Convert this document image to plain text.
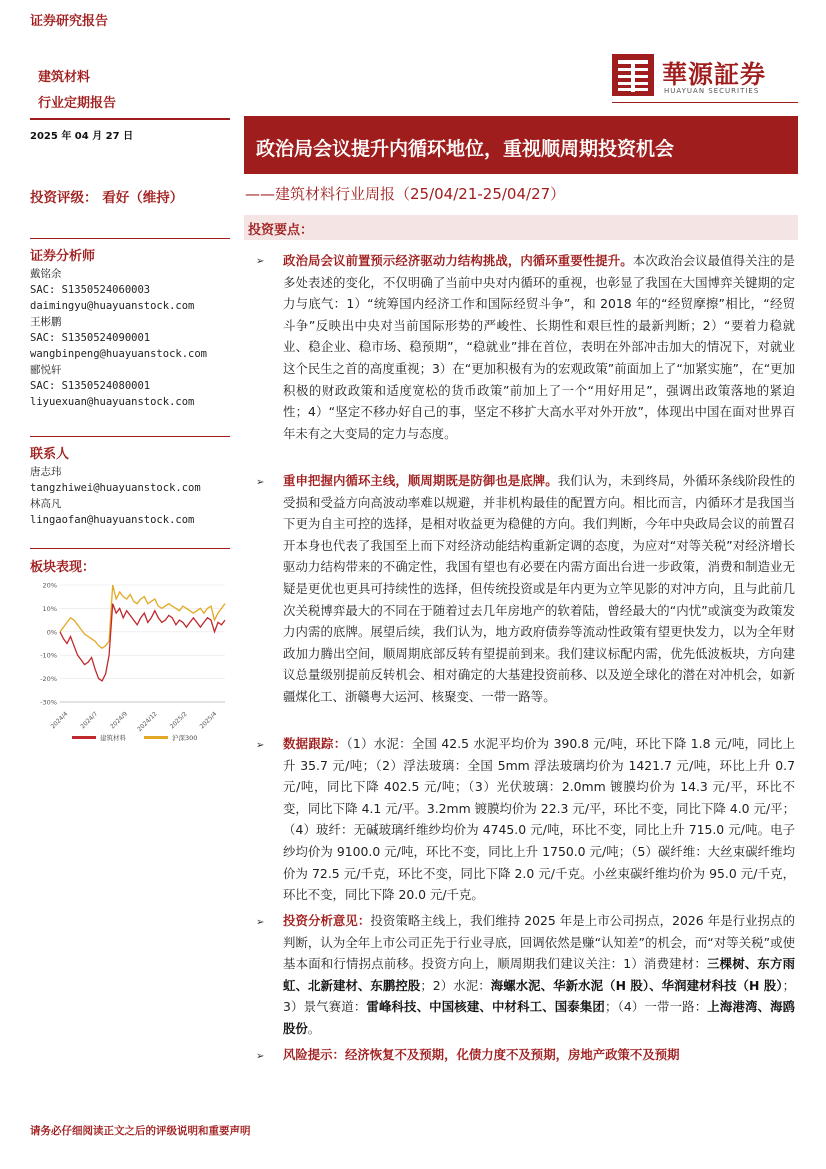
证券研究报告
建筑材料
行业定期报告
2025 年 04 月 27 日
華源証券
HUAYUAN SECURITIES
政治局会议提升内循环地位，重视顺周期投资机会
投资评级： 看好（维持）	——建筑材料行业周报（25/04/21-25/04/27）
投资要点：
证券分析师
戴铭余
SAC: S1350524060003
daimingyu@huayuanstock.com
王彬鹏
SAC: S1350524090001
wangbinpeng@huayuanstock.com
郦悦轩
SAC: S1350524080001
liyuexuan@huayuanstock.com
联系人
唐志玮
tangzhiwei@huayuanstock.com
林高凡
lingaofan@huayuanstock.com
板块表现：
20%
10%
0%
-10%
-20%
-30%
2024/4 2024/7 2024/9 2024/12 2025/2 2025/4
建筑材料	沪深300
➢ 政治局会议前置预示经济驱动力结构挑战，内循环重要性提升。本次政治会议最值得关注的是多处表述的变化，不仅明确了当前中央对内循环的重视，也彰显了我国在大国博弈关键期的定力与底气：1）“统筹国内经济工作和国际经贸斗争”，和 2018 年的“经贸摩擦”相比，“经贸斗争”反映出中央对当前国际形势的严峻性、长期性和艰巨性的最新判断；2）“要着力稳就业、稳企业、稳市场、稳预期”，“稳就业”排在首位，表明在外部冲击加大的情况下，对就业这个民生之首的高度重视；3）在“更加积极有为的宏观政策”前面加上了“加紧实施”，在“更加积极的财政政策和适度宽松的货币政策”前加上了一个“用好用足”，强调出政策落地的紧迫性；4）“坚定不移办好自己的事，坚定不移扩大高水平对外开放”，体现出中国在面对世界百年未有之大变局的定力与态度。
➢ 重申把握内循环主线，顺周期既是防御也是底牌。我们认为，未到终局，外循环条线阶段性的受损和受益方向高波动率难以规避，并非机构最佳的配置方向。相比而言，内循环才是我国当下更为自主可控的选择，是相对收益更为稳健的方向。我们判断，今年中央政局会议的前置召开本身也代表了我国至上而下对经济动能结构重新定调的态度，为应对“对等关税”对经济增长驱动力结构带来的不确定性，我国有望也有必要在内需方面出台进一步政策，消费和制造业无疑是更优也更具可持续性的选择，但传统投资或是年内更为立竿见影的对冲方向，且与此前几次关税博弈最大的不同在于随着过去几年房地产的软着陆，曾经最大的“内忧”或演变为政策发力内需的底牌。展望后续，我们认为，地方政府债券等流动性政策有望更快发力，以为全年财政加力腾出空间，顺周期底部反转有望提前到来。我们建议标配内需，优先低波板块，方向建议总量级别提前反转机会、相对确定的大基建投资前移、以及逆全球化的潜在对冲机会，如新疆煤化工、浙赣粤大运河、核聚变、一带一路等。
➢ 数据跟踪：（1）水泥：全国 42.5 水泥平均价为 390.8 元/吨，环比下降 1.8 元/吨，同比上升 35.7 元/吨；（2）浮法玻璃：全国 5mm 浮法玻璃均价为 1421.7 元/吨，环比上升 0.7 元/吨，同比下降 402.5 元/吨；（3）光伏玻璃：2.0mm 镀膜均价为 14.3 元/平，环比不变，同比下降 4.1 元/平。3.2mm 镀膜均价为 22.3 元/平，环比不变，同比下降 4.0 元/平；（4）玻纤：无碱玻璃纤维纱均价为 4745.0 元/吨，环比不变，同比上升 715.0 元/吨。电子纱均价为 9100.0 元/吨，环比不变，同比上升 1750.0 元/吨；（5）碳纤维：大丝束碳纤维均价为 72.5 元/千克，环比不变，同比下降 2.0 元/千克。小丝束碳纤维均价为 95.0 元/千克，环比不变，同比下降 20.0 元/千克。
➢ 投资分析意见：投资策略主线上，我们维持 2025 年是上市公司拐点，2026 年是行业拐点的判断，认为全年上市公司正先于行业寻底，回调依然是赚“认知差”的机会，而“对等关税”或使基本面和行情拐点前移。投资方向上，顺周期我们建议关注：1）消费建材：三棵树、东方雨虹、北新建材、东鹏控股；2）水泥：海螺水泥、华新水泥（H 股）、华润建材科技（H 股）；3）景气赛道：雷峰科技、中国核建、中材科工、国泰集团；（4）一带一路：上海港湾、海鸥股份。
➢ 风险提示：经济恢复不及预期，化债力度不及预期，房地产政策不及预期
请务必仔细阅读正文之后的评级说明和重要声明
